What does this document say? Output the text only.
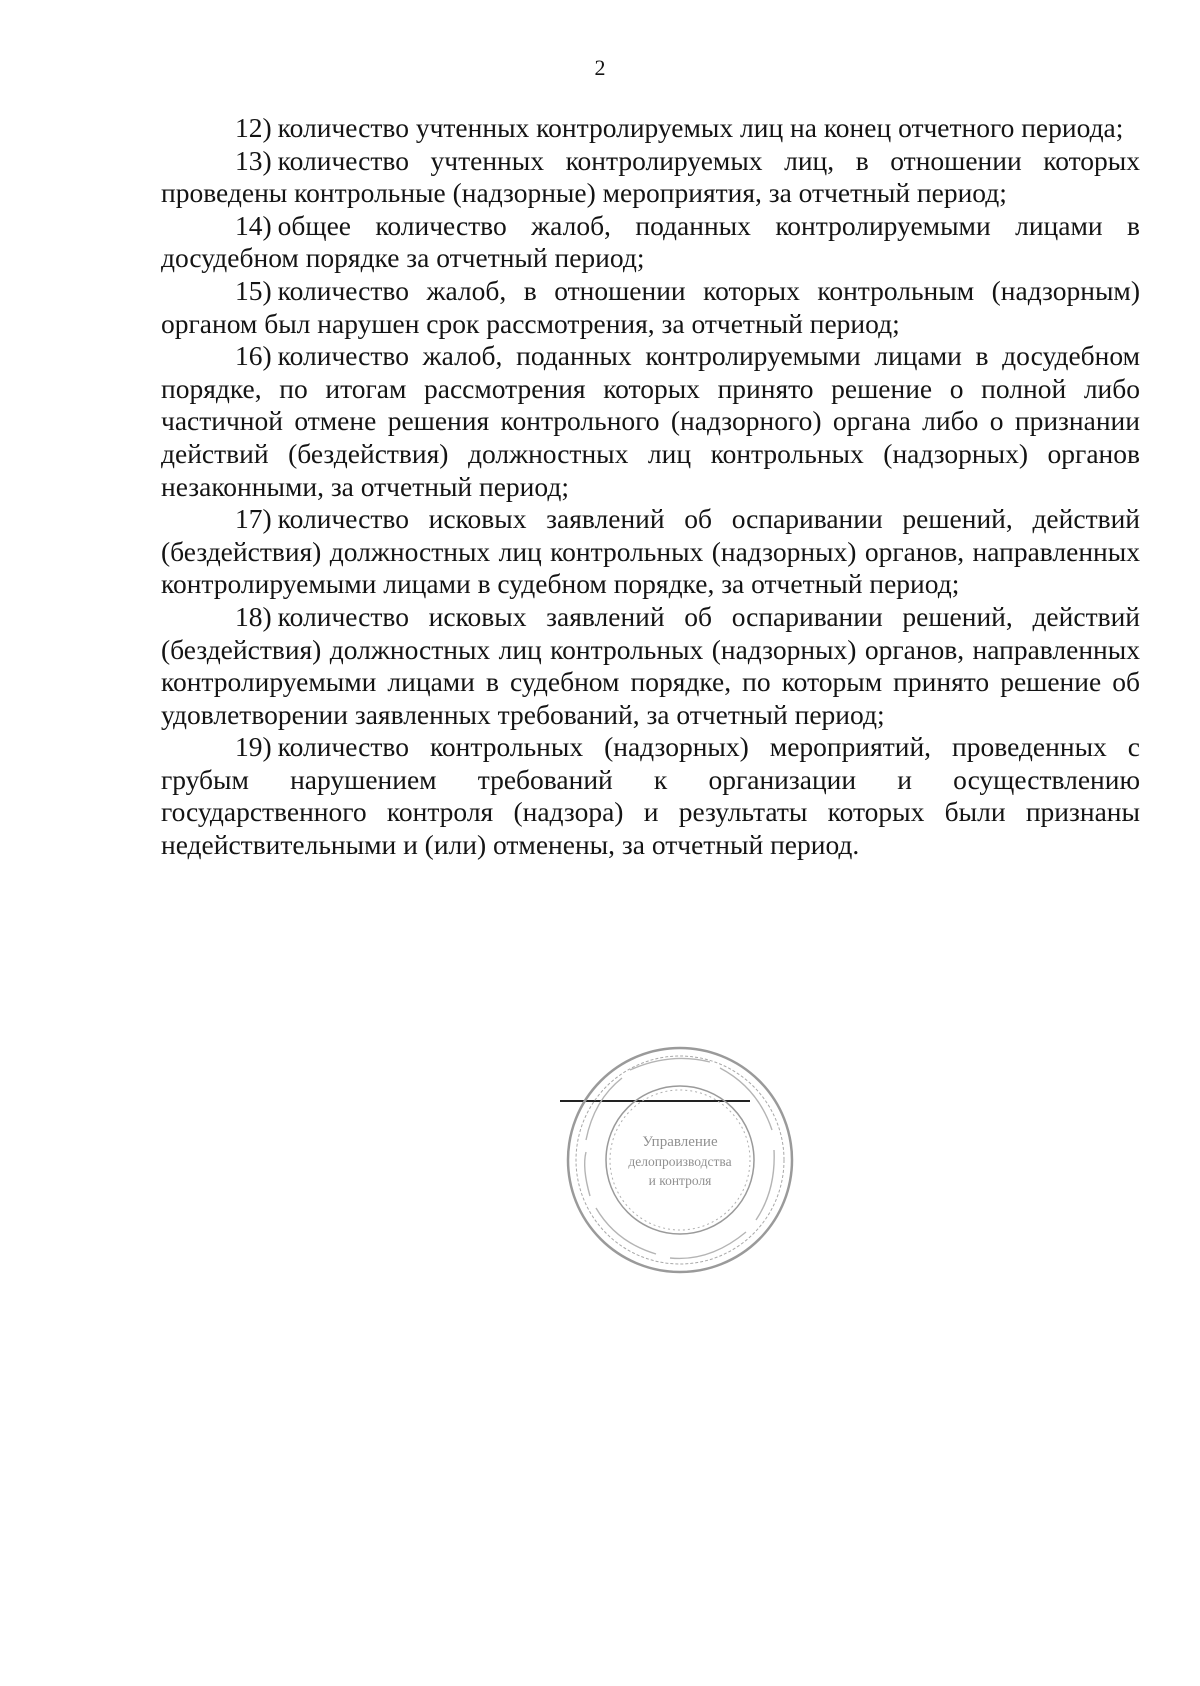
2

12) количество учтенных контролируемых лиц на конец отчетного периода;

13) количество учтенных контролируемых лиц, в отношении которых проведены контрольные (надзорные) мероприятия, за отчетный период;

14) общее количество жалоб, поданных контролируемыми лицами в досудебном порядке за отчетный период;

15) количество жалоб, в отношении которых контрольным (надзорным) органом был нарушен срок рассмотрения, за отчетный период;

16) количество жалоб, поданных контролируемыми лицами в досудебном порядке, по итогам рассмотрения которых принято решение о полной либо частичной отмене решения контрольного (надзорного) органа либо о признании действий (бездействия) должностных лиц контрольных (надзорных) органов незаконными, за отчетный период;

17) количество исковых заявлений об оспаривании решений, действий (бездействия) должностных лиц контрольных (надзорных) органов, направленных контролируемыми лицами в судебном порядке, за отчетный период;

18) количество исковых заявлений об оспаривании решений, действий (бездействия) должностных лиц контрольных (надзорных) органов, направленных контролируемыми лицами в судебном порядке, по которым принято решение об удовлетворении заявленных требований, за отчетный период;

19) количество контрольных (надзорных) мероприятий, проведенных с грубым нарушением требований к организации и осуществлению государственного контроля (надзора) и результаты которых были признаны недействительными и (или) отменены, за отчетный период.

Управление
делопроизводства
и контроля
